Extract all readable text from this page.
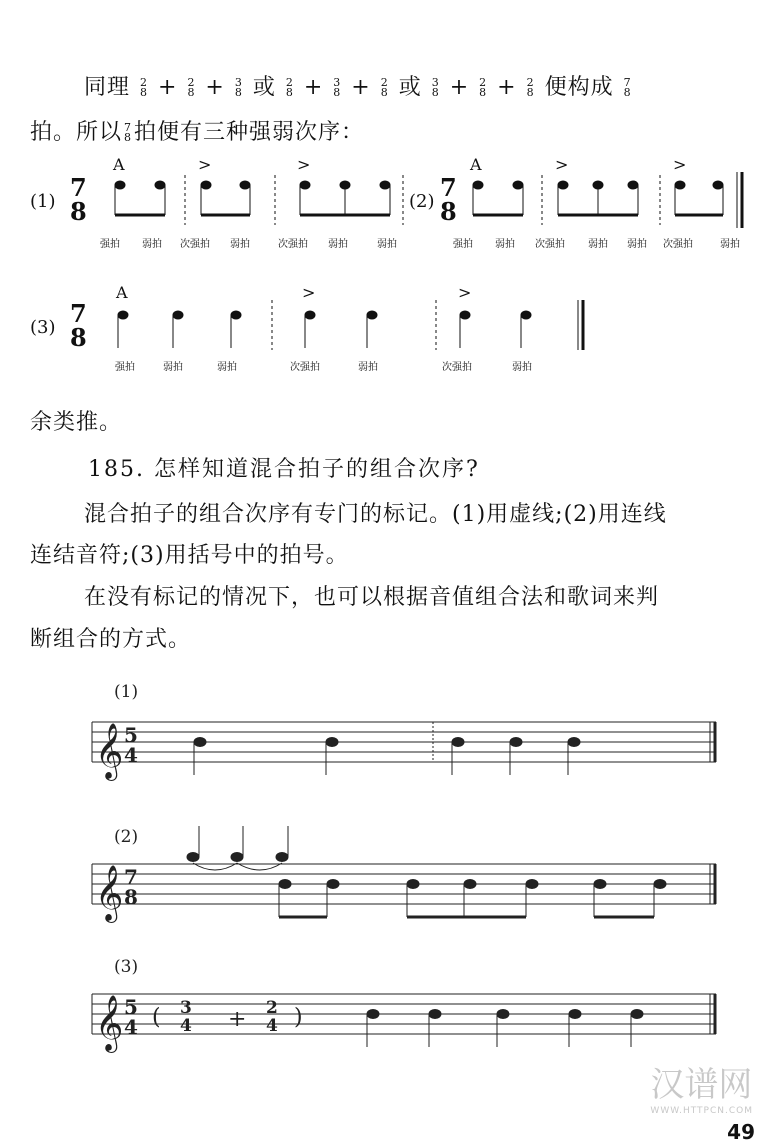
同理 2
8 + 2
8 + 3
8 或 2
8 + 3
8 + 2
8 或 3
8 + 2
8 + 2
8 便构成 7
8
拍。所以 7
8 拍便有三种强弱次序：
(1) 7
8
A	>	>
(2) 7
8
A	>	>
(3) 7
8
A	>	>
强拍 弱拍 次强拍 弱拍	次强拍 弱拍	弱拍	强拍 弱拍 次强拍 弱拍 弱拍 次强拍	弱拍
强拍	弱拍	弱拍	次强拍	弱拍	次强拍	弱拍
余类推。
185. 怎样知道混合拍子的组合次序?
混合拍子的组合次序有专门的标记。(1)用虚线;(2)用连线
连结音符;(3)用括号中的拍号。
在没有标记的情况下，也可以根据音值组合法和歌词来判
断组合的方式。
(1)
𝄞 5
4
(2)
𝄞 7
8
(3)
𝄞 5
4 ( 3
4 + 2
4 )
汉谱网
WWW.HTTPCN.COM
49
